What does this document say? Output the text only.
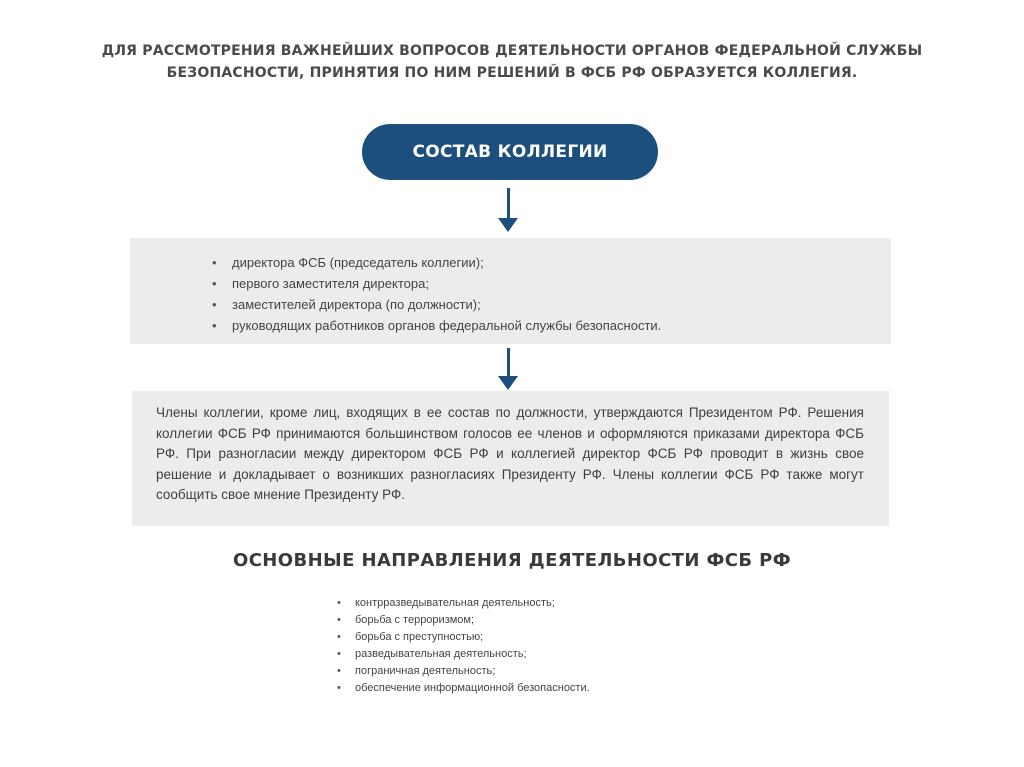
ДЛЯ РАССМОТРЕНИЯ ВАЖНЕЙШИХ ВОПРОСОВ ДЕЯТЕЛЬНОСТИ ОРГАНОВ ФЕДЕРАЛЬНОЙ СЛУЖБЫ
БЕЗОПАСНОСТИ, ПРИНЯТИЯ ПО НИМ РЕШЕНИЙ В ФСБ РФ ОБРАЗУЕТСЯ КОЛЛЕГИЯ.
СОСТАВ КОЛЛЕГИИ
• директора ФСБ (председатель коллегии);
• первого заместителя директора;
• заместителей директора (по должности);
• руководящих работников органов федеральной службы безопасности.

Члены коллегии, кроме лиц, входящих в ее состав по должности, утверждаются Президентом РФ. Решения коллегии ФСБ РФ принимаются большинством голосов ее членов и оформляются приказами директора ФСБ РФ. При разногласии между директором ФСБ РФ и коллегией директор ФСБ РФ проводит в жизнь свое решение и докладывает о возникших разногласиях Президенту РФ. Члены коллегии ФСБ РФ также могут сообщить свое мнение Президенту РФ.

ОСНОВНЫЕ НАПРАВЛЕНИЯ ДЕЯТЕЛЬНОСТИ ФСБ РФ
• контрразведывательная деятельность;
• борьба с терроризмом;
• борьба с преступностью;
• разведывательная деятельность;
• пограничная деятельность;
• обеспечение информационной безопасности.
